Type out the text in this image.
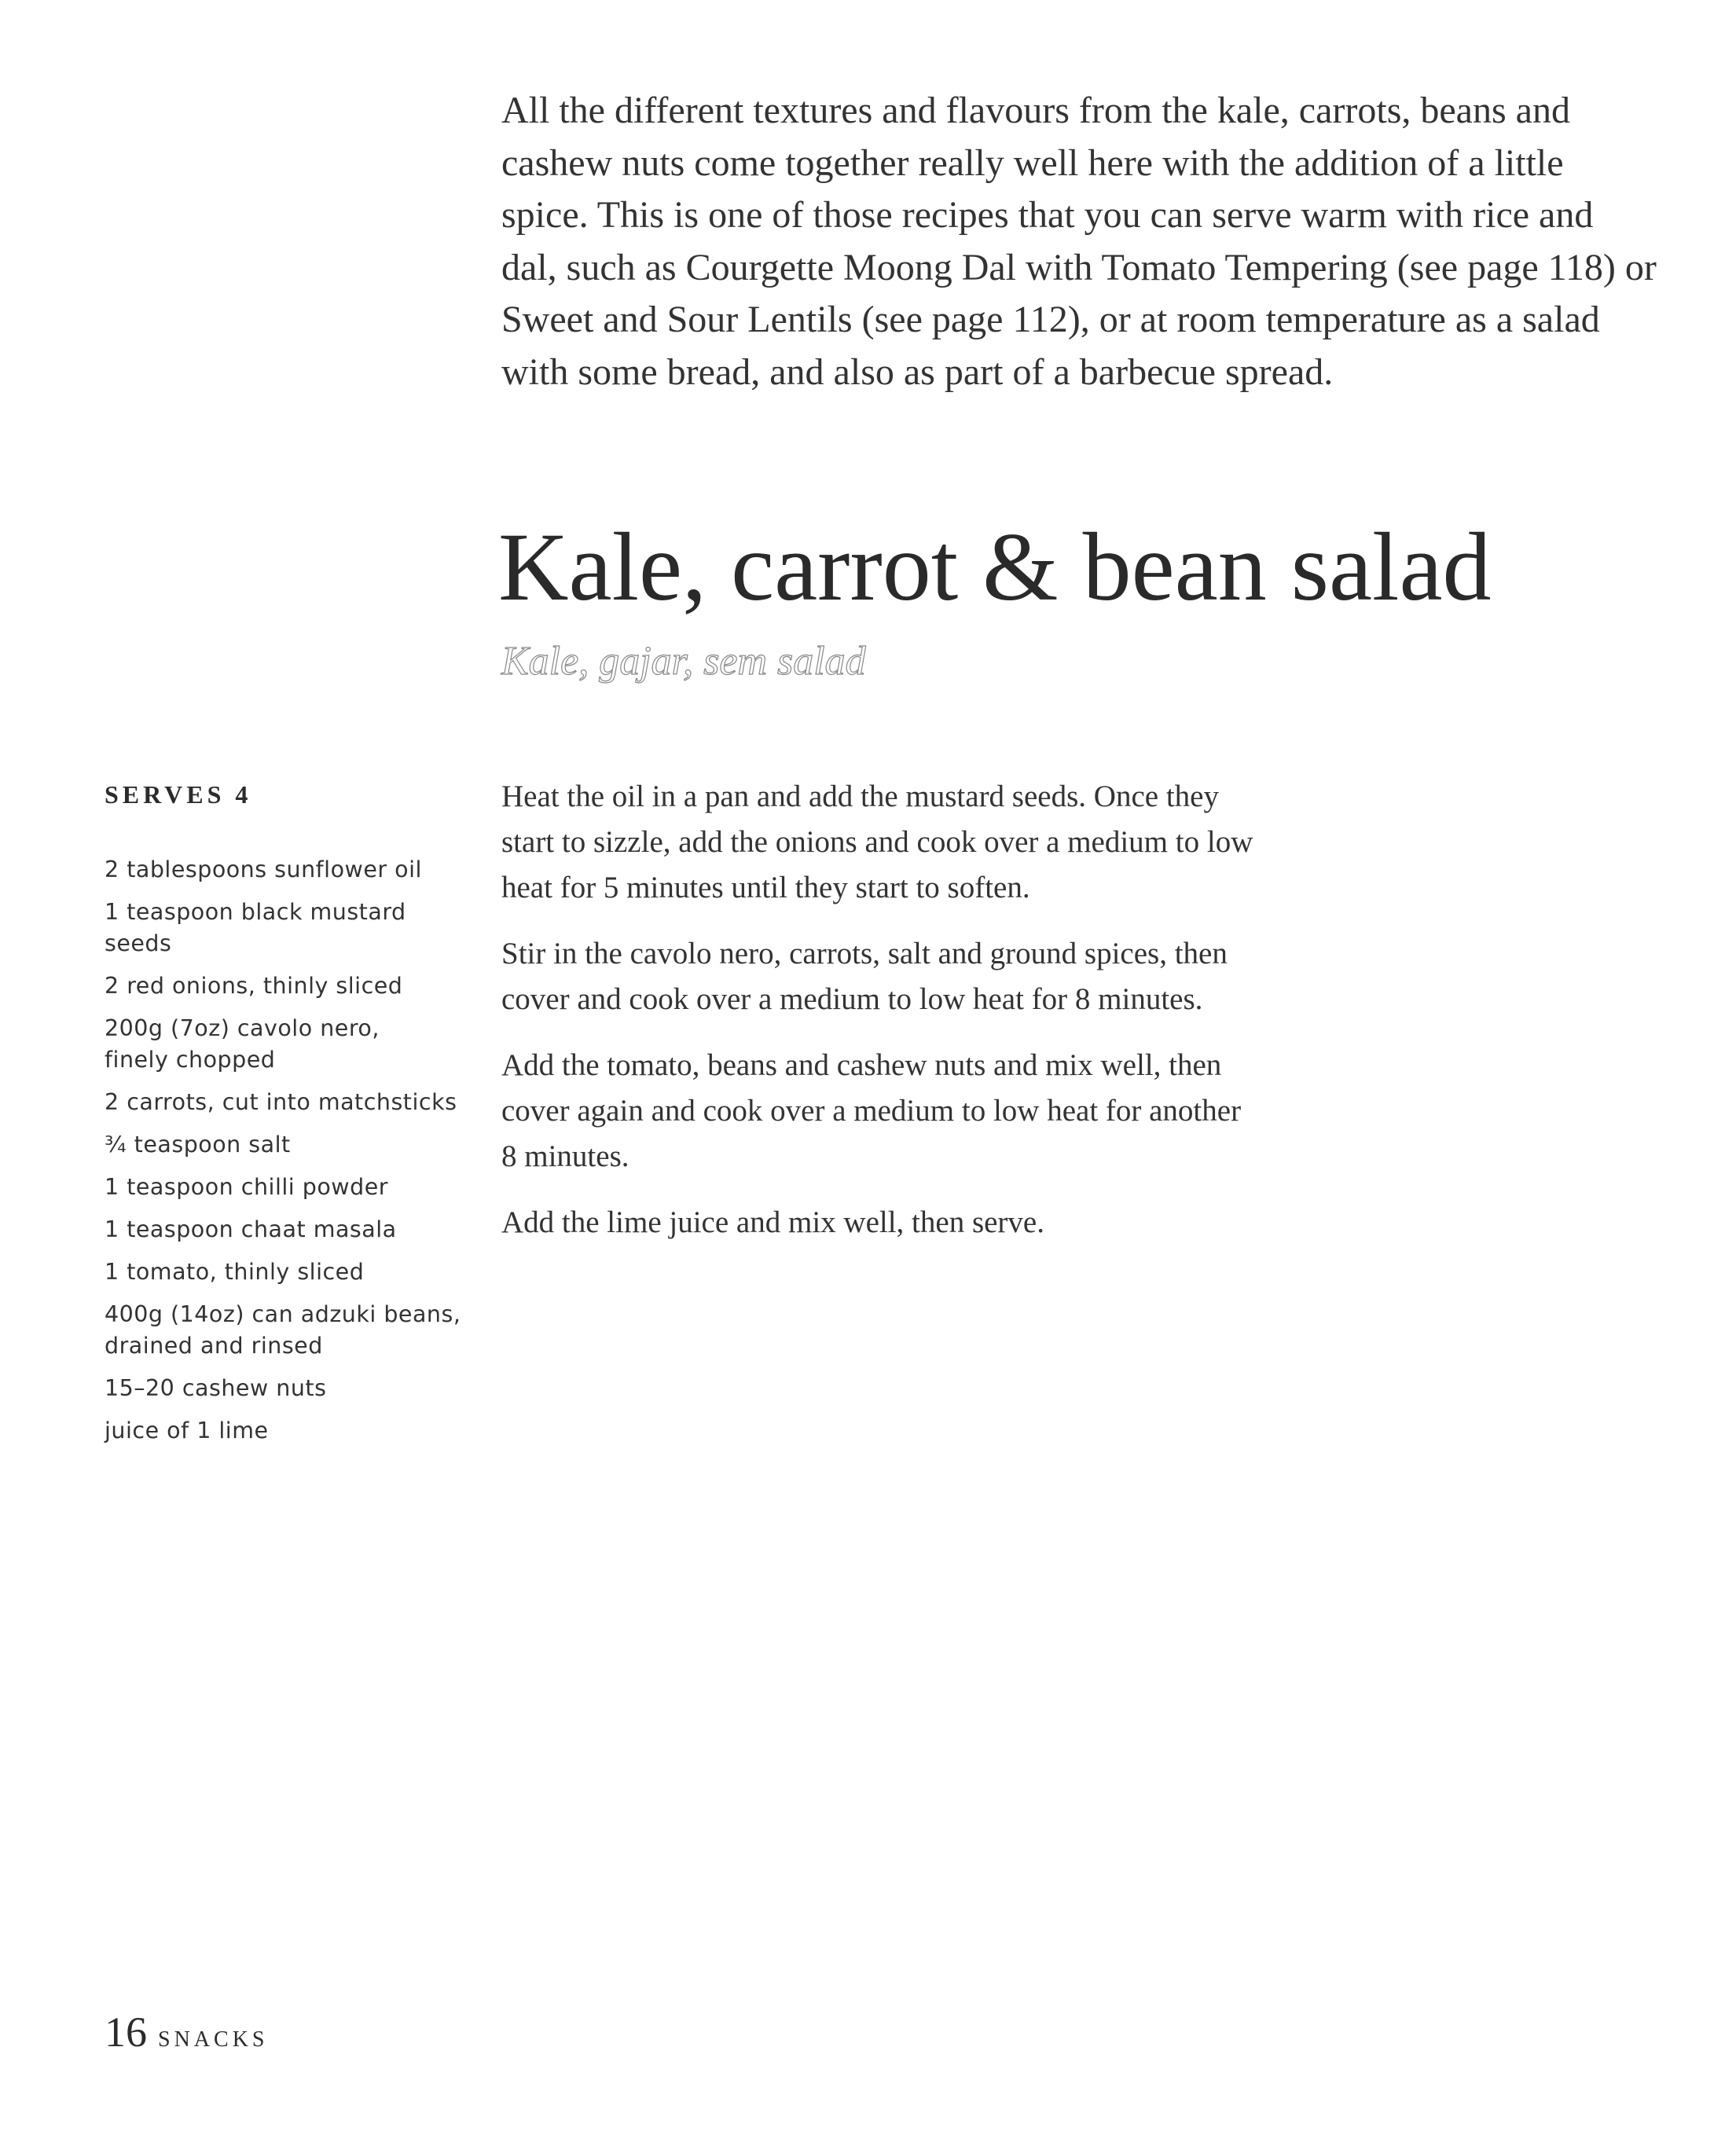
All the different textures and flavours from the kale, carrots, beans and cashew nuts come together really well here with the addition of a little spice. This is one of those recipes that you can serve warm with rice and dal, such as Courgette Moong Dal with Tomato Tempering (see page 118) or Sweet and Sour Lentils (see page 112), or at room temperature as a salad with some bread, and also as part of a barbecue spread.

Kale, carrot & bean salad

Kale, gajar, sem salad

SERVES 4

2 tablespoons sunflower oil
1 teaspoon black mustard seeds
2 red onions, thinly sliced
200g (7oz) cavolo nero, finely chopped
2 carrots, cut into matchsticks
¾ teaspoon salt
1 teaspoon chilli powder
1 teaspoon chaat masala
1 tomato, thinly sliced
400g (14oz) can adzuki beans, drained and rinsed
15–20 cashew nuts
juice of 1 lime

Heat the oil in a pan and add the mustard seeds. Once they start to sizzle, add the onions and cook over a medium to low heat for 5 minutes until they start to soften.

Stir in the cavolo nero, carrots, salt and ground spices, then cover and cook over a medium to low heat for 8 minutes.

Add the tomato, beans and cashew nuts and mix well, then cover again and cook over a medium to low heat for another 8 minutes.

Add the lime juice and mix well, then serve.

16 SNACKS
